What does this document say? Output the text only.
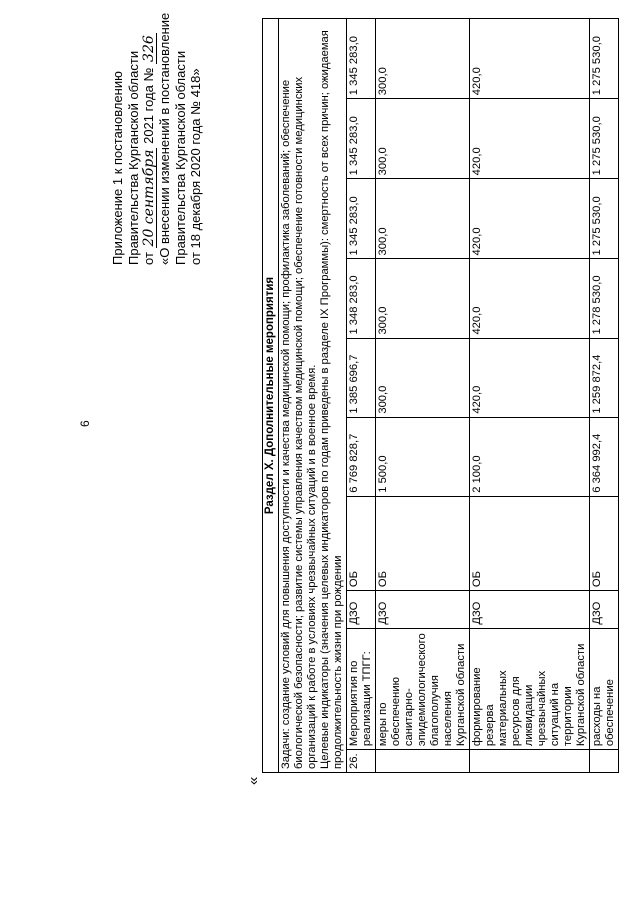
6
Приложение 1 к постановлению Правительства Курганской области от 20 сентября 2021 года № 326 «О внесении изменений в постановление Правительства Курганской области от 18 декабря 2020 года № 418»
«
Раздел X. Дополнительные мероприятия									

Задачи: создание условий для повышения доступности и качества медицинской помощи; профилактика заболеваний; обеспечение биологической безопасности; развитие системы управления качеством медицинской помощи; обеспечение готовности медицинских организаций к работе в условиях чрезвычайных ситуаций и в военное время. Целевые индикаторы (значения целевых индикаторов по годам приведены в разделе IX Программы): смертность от всех причин; ожидаемая продолжительность жизни при рождении									

26.	Мероприятия по реализации ТПГГ:	ДЗО	ОБ	6 769 828,7	1 385 696,7	1 348 283,0	1 345 283,0	1 345 283,0	1 345 283,0
	меры по обеспечению санитарно-эпидемиологического благополучия населения Курганской области	ДЗО	ОБ	1 500,0	300,0	300,0	300,0	300,0	300,0
	формирование резерва материальных ресурсов для ликвидации чрезвычайных ситуаций на территории Курганской области	ДЗО	ОБ	2 100,0	420,0	420,0	420,0	420,0	420,0
	расходы на обеспечение	ДЗО	ОБ	6 364 992,4	1 259 872,4	1 278 530,0	1 275 530,0	1 275 530,0	1 275 530,0
